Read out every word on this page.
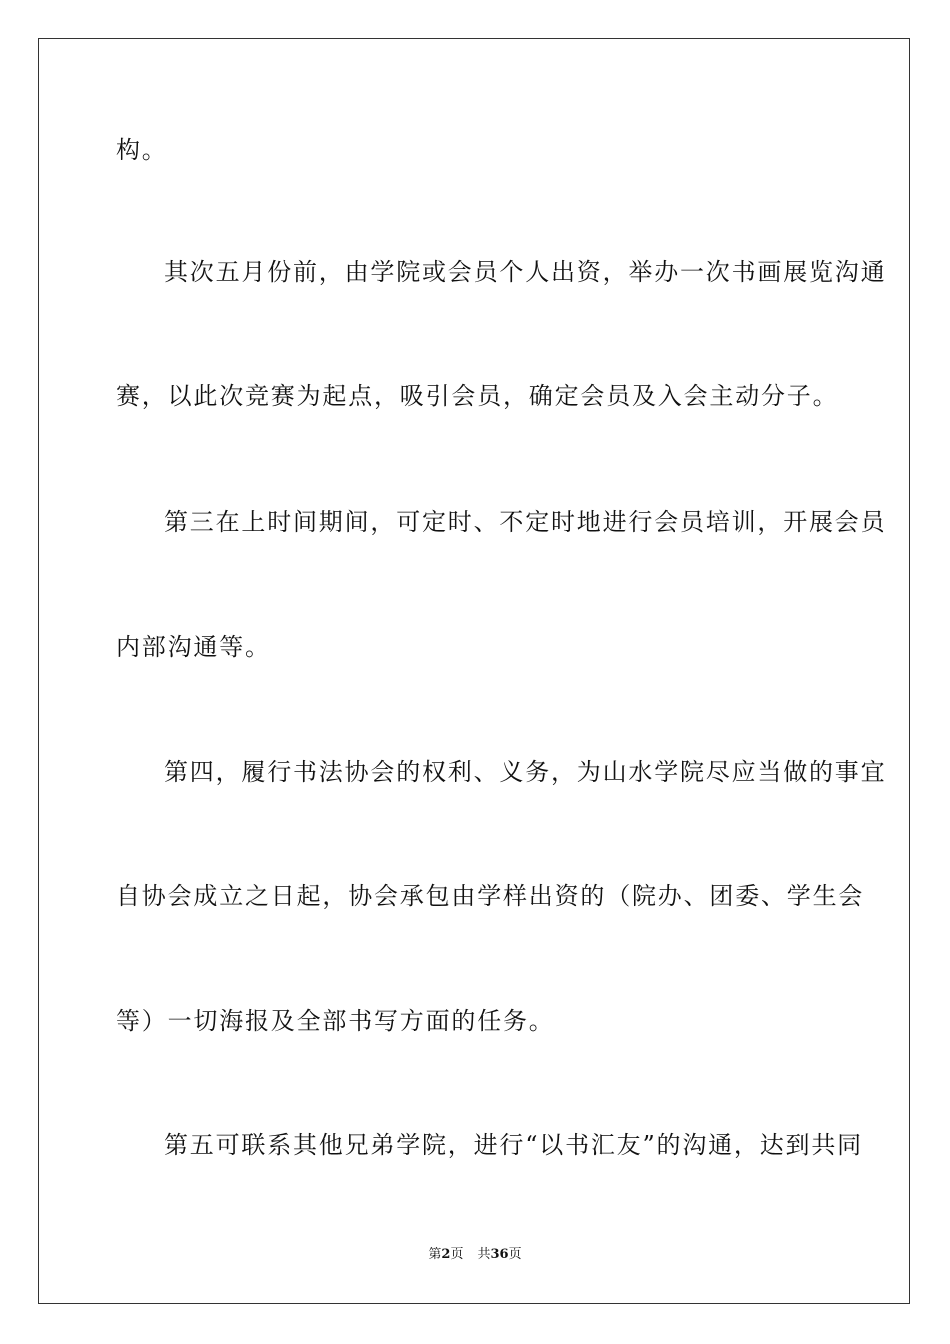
构。
其次五月份前，由学院或会员个人出资，举办一次书画展览沟通
赛，以此次竞赛为起点，吸引会员，确定会员及入会主动分子。
第三在上时间期间，可定时、不定时地进行会员培训，开展会员
内部沟通等。
第四，履行书法协会的权利、义务，为山水学院尽应当做的事宜
自协会成立之日起，协会承包由学样出资的（院办、团委、学生会
等）一切海报及全部书写方面的任务。
第五可联系其他兄弟学院，进行“以书汇友”的沟通，达到共同
第2页 共36页
